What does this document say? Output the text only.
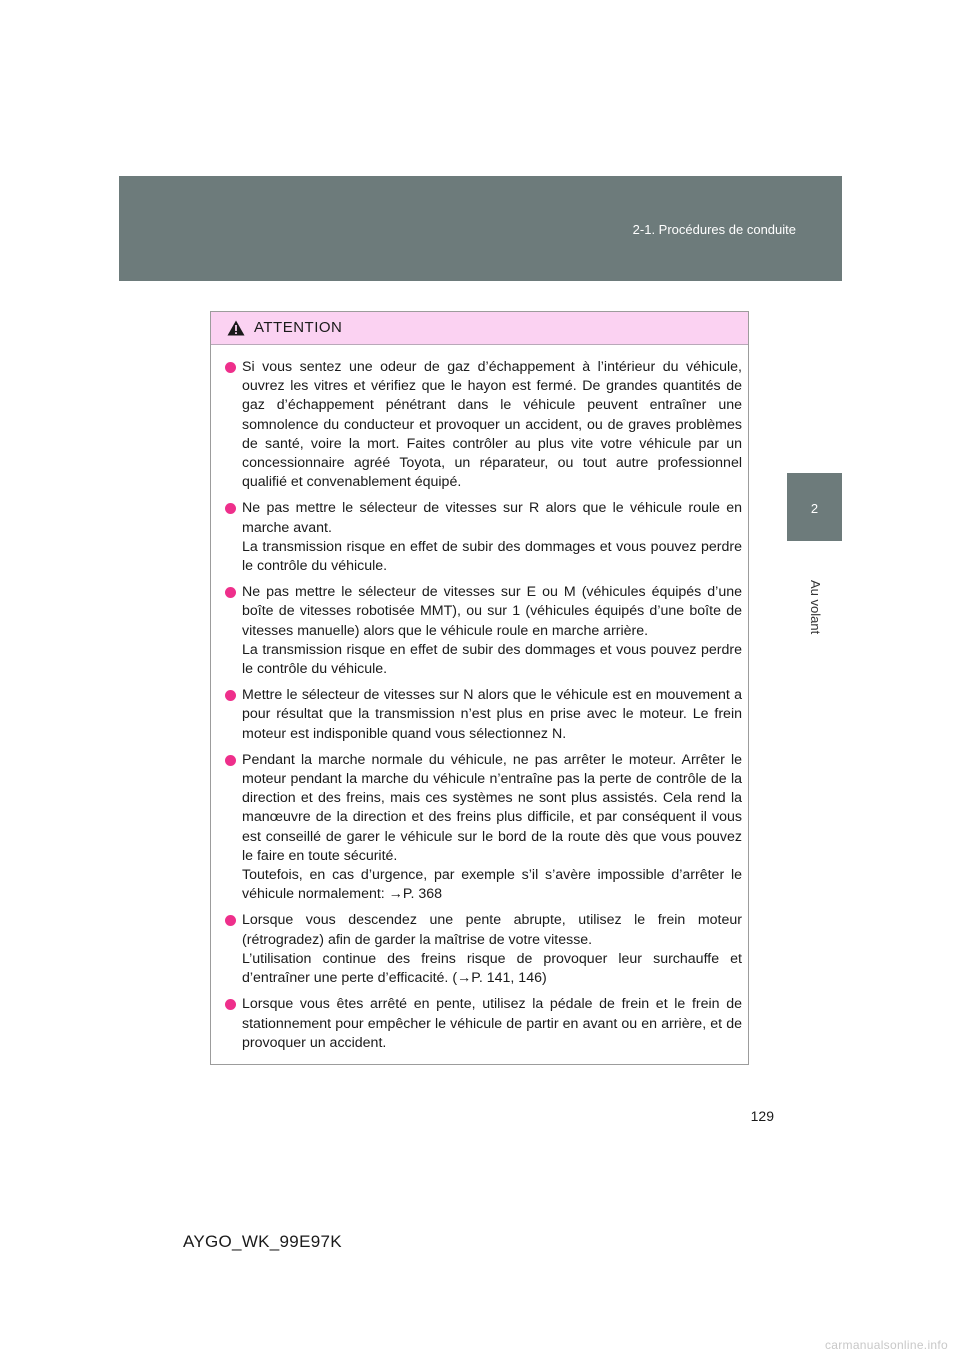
2-1. Procédures de conduite
2
Au volant
ATTENTION

Si vous sentez une odeur de gaz d’échappement à l’intérieur du véhicule, ouvrez les vitres et vérifiez que le hayon est fermé. De grandes quantités de gaz d’échappement pénétrant dans le véhicule peuvent entraîner une somnolence du conducteur et provoquer un accident, ou de graves problèmes de santé, voire la mort. Faites contrôler au plus vite votre véhicule par un concessionnaire agréé Toyota, un réparateur, ou tout autre professionnel qualifié et convenablement équipé.

Ne pas mettre le sélecteur de vitesses sur R alors que le véhicule roule en marche avant.

La transmission risque en effet de subir des dommages et vous pouvez perdre le contrôle du véhicule.

Ne pas mettre le sélecteur de vitesses sur E ou M (véhicules équipés d’une boîte de vitesses robotisée MMT), ou sur 1 (véhicules équipés d’une boîte de vitesses manuelle) alors que le véhicule roule en marche arrière.

La transmission risque en effet de subir des dommages et vous pouvez perdre le contrôle du véhicule.

Mettre le sélecteur de vitesses sur N alors que le véhicule est en mouvement a pour résultat que la transmission n’est plus en prise avec le moteur. Le frein moteur est indisponible quand vous sélectionnez N.

Pendant la marche normale du véhicule, ne pas arrêter le moteur. Arrêter le moteur pendant la marche du véhicule n’entraîne pas la perte de contrôle de la direction et des freins, mais ces systèmes ne sont plus assistés. Cela rend la manœuvre de la direction et des freins plus difficile, et par conséquent il vous est conseillé de garer le véhicule sur le bord de la route dès que vous pouvez le faire en toute sécurité.

Toutefois, en cas d’urgence, par exemple s’il s’avère impossible d’arrêter le véhicule normalement: →P. 368

Lorsque vous descendez une pente abrupte, utilisez le frein moteur (rétrogradez) afin de garder la maîtrise de votre vitesse.

L’utilisation continue des freins risque de provoquer leur surchauffe et d’entraîner une perte d’efficacité. (→P. 141, 146)

Lorsque vous êtes arrêté en pente, utilisez la pédale de frein et le frein de stationnement pour empêcher le véhicule de partir en avant ou en arrière, et de provoquer un accident.

129

AYGO_WK_99E97K

carmanualsonline.info
